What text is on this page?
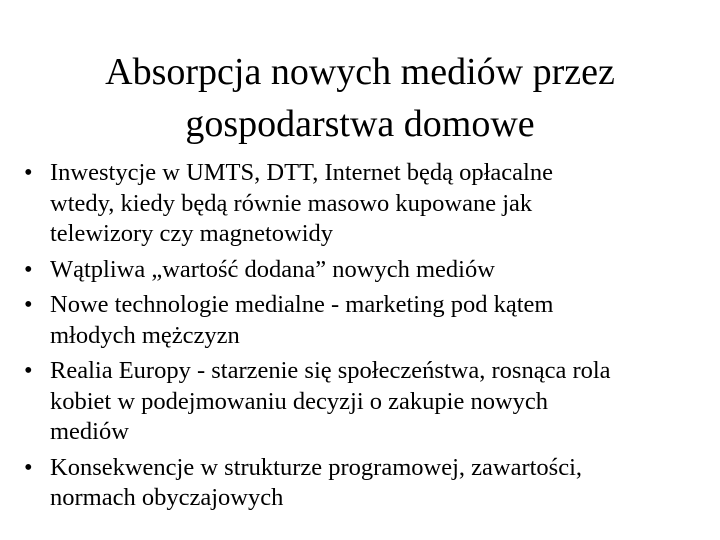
Absorpcja nowych mediów przez
gospodarstwa domowe
• Inwestycje w UMTS, DTT, Internet będą opłacalne
wtedy, kiedy będą równie masowo kupowane jak
telewizory czy magnetowidy
• Wątpliwa „wartość dodana” nowych mediów
• Nowe technologie medialne - marketing pod kątem
młodych mężczyzn
• Realia Europy - starzenie się społeczeństwa, rosnąca rola
kobiet w podejmowaniu decyzji o zakupie nowych
mediów
• Konsekwencje w strukturze programowej, zawartości,
normach obyczajowych
